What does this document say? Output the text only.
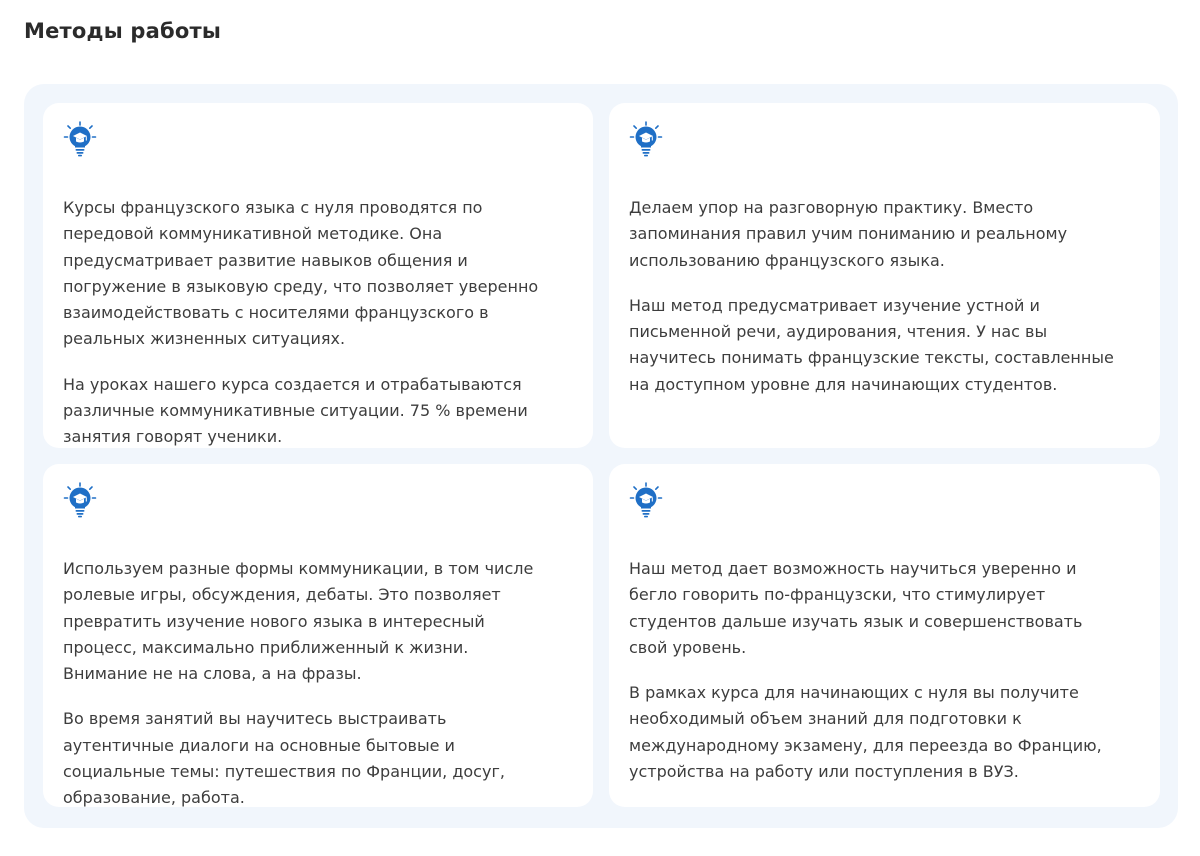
Методы работы

Курсы французского языка с нуля проводятся по
передовой коммуникативной методике. Она
предусматривает развитие навыков общения и
погружение в языковую среду, что позволяет уверенно
взаимодействовать с носителями французского в
реальных жизненных ситуациях.

На уроках нашего курса создается и отрабатываются
различные коммуникативные ситуации. 75 % времени
занятия говорят ученики.

Делаем упор на разговорную практику. Вместо
запоминания правил учим пониманию и реальному
использованию французского языка.

Наш метод предусматривает изучение устной и
письменной речи, аудирования, чтения. У нас вы
научитесь понимать французские тексты, составленные
на доступном уровне для начинающих студентов.

Используем разные формы коммуникации, в том числе
ролевые игры, обсуждения, дебаты. Это позволяет
превратить изучение нового языка в интересный
процесс, максимально приближенный к жизни.
Внимание не на слова, а на фразы.

Во время занятий вы научитесь выстраивать
аутентичные диалоги на основные бытовые и
социальные темы: путешествия по Франции, досуг,
образование, работа.

Наш метод дает возможность научиться уверенно и
бегло говорить по-французски, что стимулирует
студентов дальше изучать язык и совершенствовать
свой уровень.

В рамках курса для начинающих с нуля вы получите
необходимый объем знаний для подготовки к
международному экзамену, для переезда во Францию,
устройства на работу или поступления в ВУЗ.
